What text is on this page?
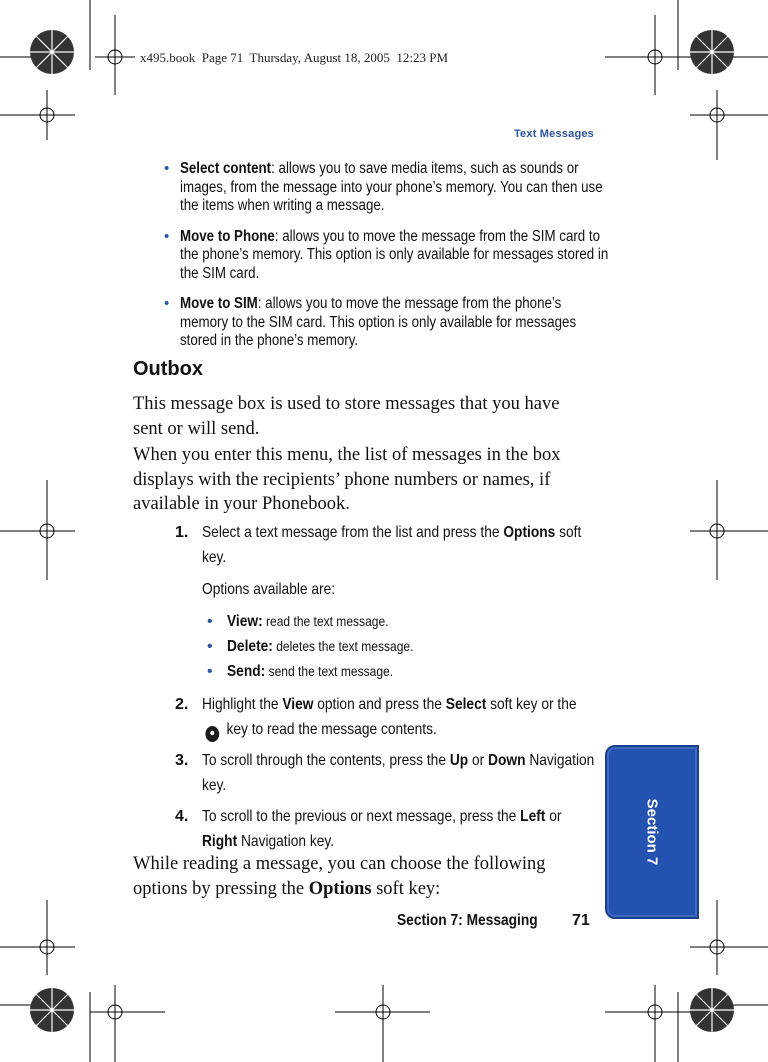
x495.book  Page 71  Thursday, August 18, 2005  12:23 PM
Text Messages
• Select content: allows you to save media items, such as sounds or images, from the message into your phone’s memory. You can then use the items when writing a message.
• Move to Phone: allows you to move the message from the SIM card to the phone’s memory. This option is only available for messages stored in the SIM card.
• Move to SIM: allows you to move the message from the phone’s memory to the SIM card. This option is only available for messages stored in the phone’s memory.
Outbox
This message box is used to store messages that you have sent or will send.
When you enter this menu, the list of messages in the box displays with the recipients’ phone numbers or names, if available in your Phonebook.
1. Select a text message from the list and press the Options soft key.
Options available are:
• View: read the text message.
• Delete: deletes the text message.
• Send: send the text message.
2. Highlight the View option and press the Select soft key or the ⏺ key to read the message contents.
3. To scroll through the contents, press the Up or Down Navigation key.
4. To scroll to the previous or next message, press the Left or Right Navigation key.
While reading a message, you can choose the following options by pressing the Options soft key:
Section 7
Section 7: Messaging	71
